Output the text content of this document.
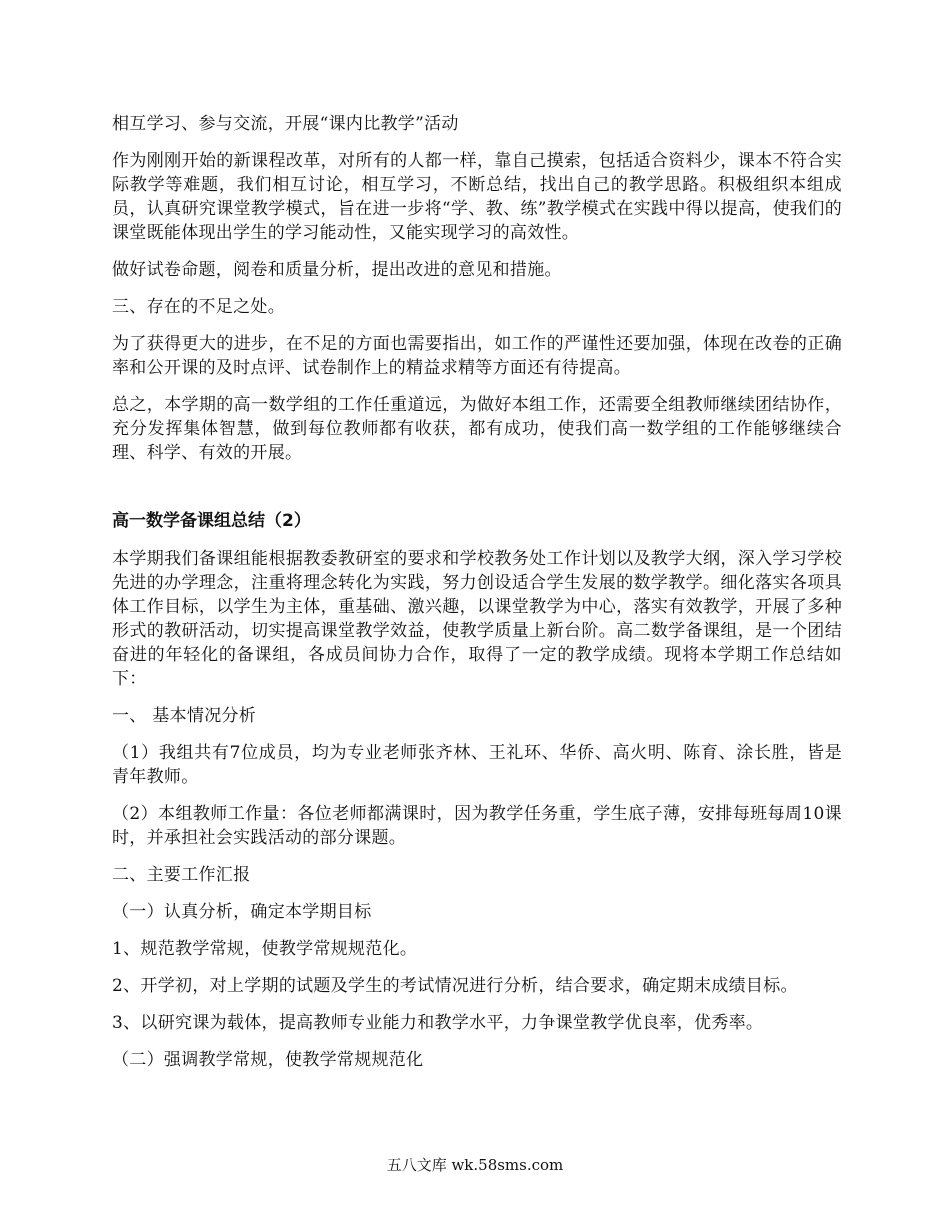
相互学习、参与交流，开展“课内比教学”活动

作为刚刚开始的新课程改革，对所有的人都一样，靠自己摸索，包括适合资料少，课本不符合实际教学等难题，我们相互讨论，相互学习，不断总结，找出自己的教学思路。积极组织本组成员，认真研究课堂教学模式，旨在进一步将“学、教、练”教学模式在实践中得以提高，使我们的课堂既能体现出学生的学习能动性，又能实现学习的高效性。

做好试卷命题，阅卷和质量分析，提出改进的意见和措施。

三、存在的不足之处。

为了获得更大的进步，在不足的方面也需要指出，如工作的严谨性还要加强，体现在改卷的正确率和公开课的及时点评、试卷制作上的精益求精等方面还有待提高。

总之，本学期的高一数学组的工作任重道远，为做好本组工作，还需要全组教师继续团结协作，充分发挥集体智慧，做到每位教师都有收获，都有成功，使我们高一数学组的工作能够继续合理、科学、有效的开展。

高一数学备课组总结（2）

本学期我们备课组能根据教委教研室的要求和学校教务处工作计划以及教学大纲，深入学习学校先进的办学理念，注重将理念转化为实践，努力创设适合学生发展的数学教学。细化落实各项具体工作目标，以学生为主体，重基础、激兴趣，以课堂教学为中心，落实有效教学，开展了多种形式的教研活动，切实提高课堂教学效益，使教学质量上新台阶。高二数学备课组，是一个团结奋进的年轻化的备课组，各成员间协力合作，取得了一定的教学成绩。现将本学期工作总结如下：

一、 基本情况分析

（1）我组共有7位成员，均为专业老师张齐林、王礼环、华侨、高火明、陈育、涂长胜，皆是青年教师。

（2）本组教师工作量：各位老师都满课时，因为教学任务重，学生底子薄，安排每班每周10课时，并承担社会实践活动的部分课题。

二、主要工作汇报

（一）认真分析，确定本学期目标

1、规范教学常规，使教学常规规范化。

2、开学初，对上学期的试题及学生的考试情况进行分析，结合要求，确定期末成绩目标。

3、以研究课为载体，提高教师专业能力和教学水平，力争课堂教学优良率，优秀率。

（二）强调教学常规，使教学常规规范化

五八文库 wk.58sms.com
